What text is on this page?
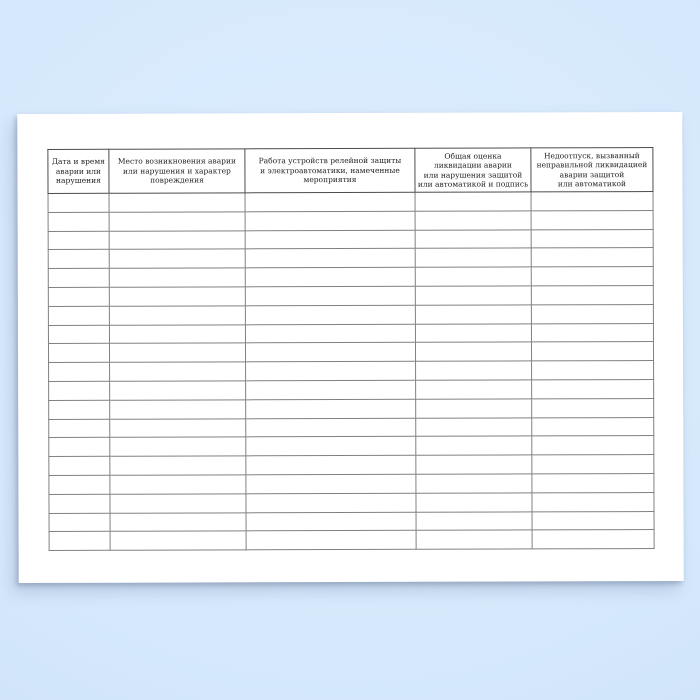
Дата и время
аварии или
нарушения	Место возникновения аварии
или нарушения и характер
повреждения	Работа устройств релейной защиты
и электроавтоматики, намеченные
мероприятия	Общая оценка
ликвидации аварии
или нарушения защитой
или автоматикой и подпись	Недоотпуск, вызванный
неправильной ликвидацией
аварии защитой
или автоматикой
